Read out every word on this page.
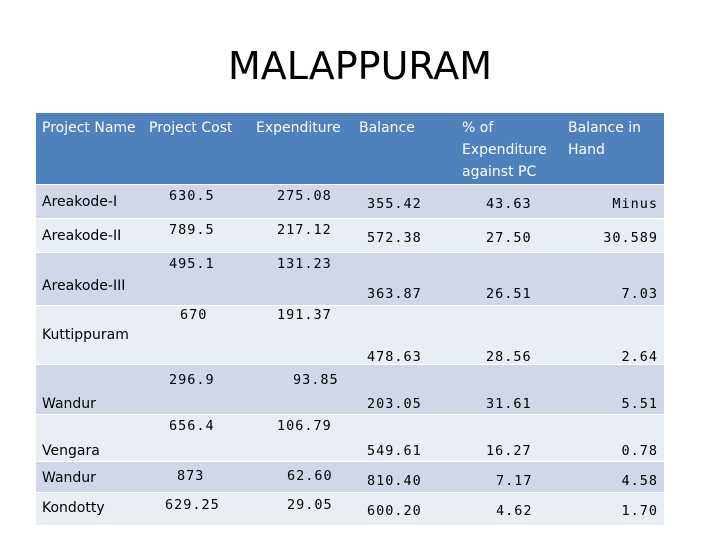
MALAPPURAM
Project Name	Project Cost	Expenditure	Balance	% of Expenditure against PC	Balance in Hand

Areakode-I	630.5	275.08	355.42	43.63	Minus

Areakode-II	789.5	217.12	572.38	27.50	30.589

Areakode-III	495.1	131.23	363.87	26.51	7.03

Kuttippuram	670	191.37	478.63	28.56	2.64

Wandur	296.9	93.85	203.05	31.61	5.51

Vengara	656.4	106.79	549.61	16.27	0.78

Wandur	873	62.60	810.40	7.17	4.58

Kondotty	629.25	29.05	600.20	4.62	1.70
